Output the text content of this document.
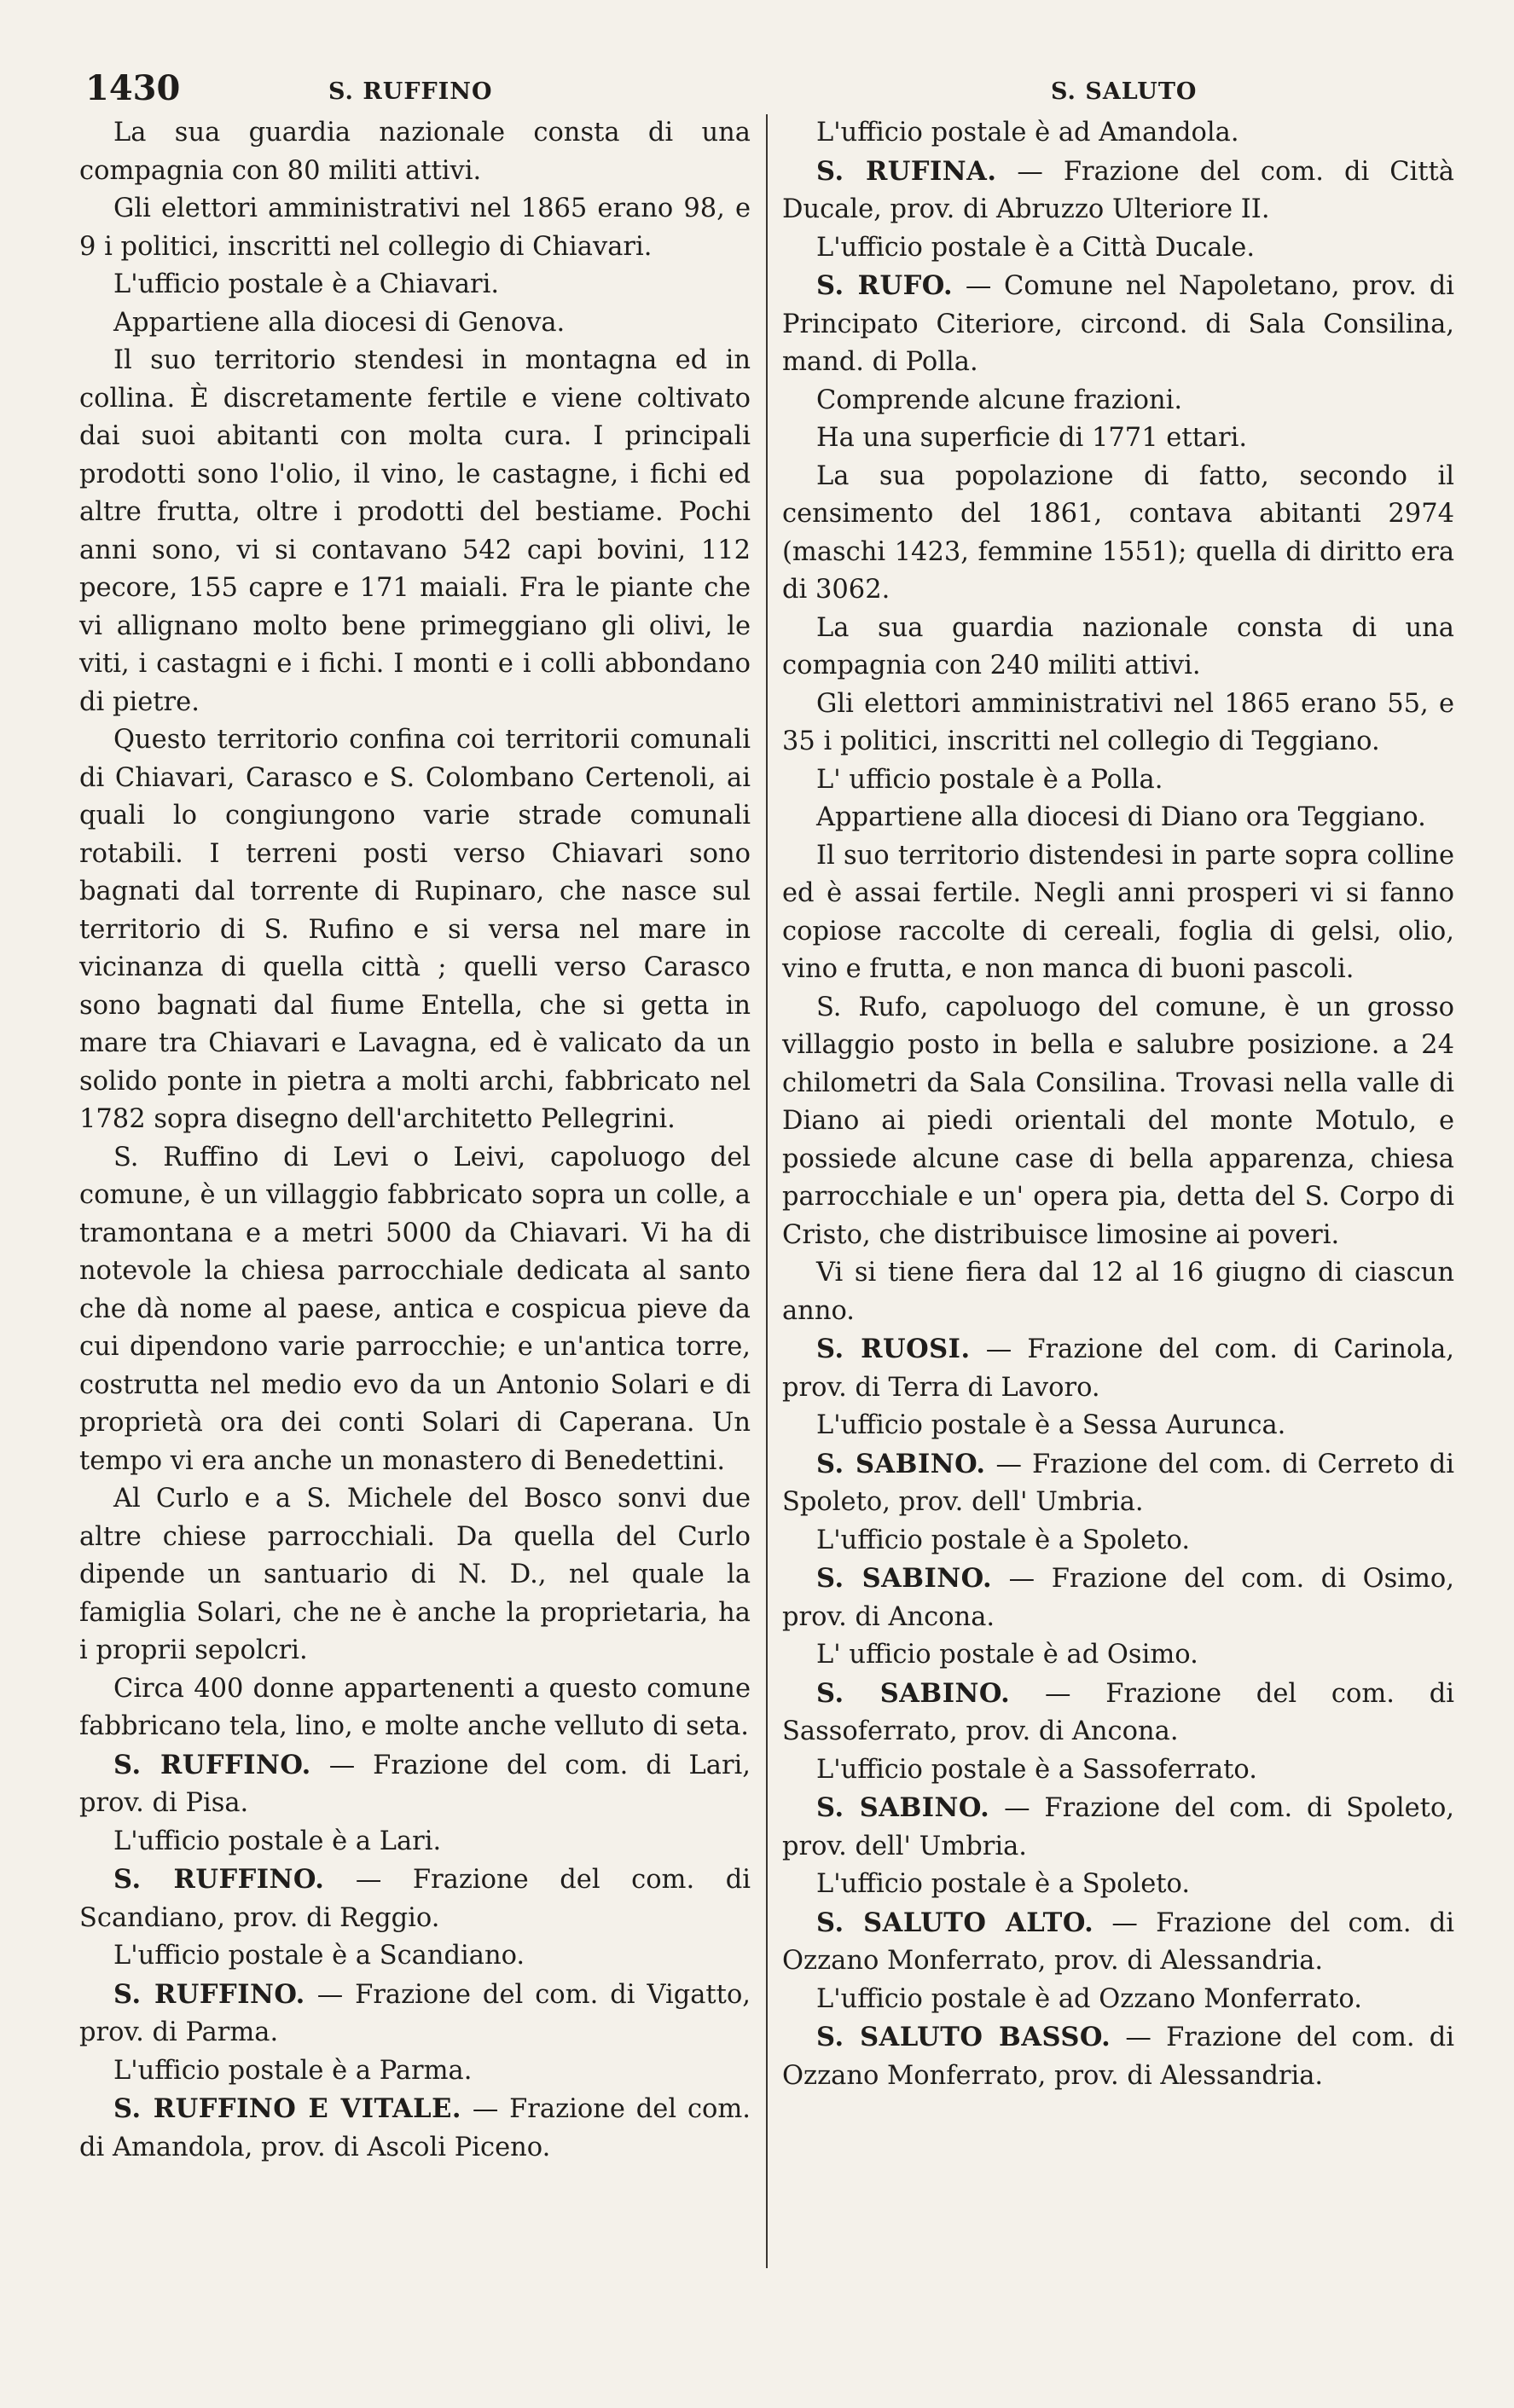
1430	S. RUFFINO	S. SALUTO

La sua guardia nazionale consta di una compagnia con 80 militi attivi.

Gli elettori amministrativi nel 1865 erano 98, e 9 i politici, inscritti nel collegio di Chiavari.

L'ufficio postale è a Chiavari.

Appartiene alla diocesi di Genova.

Il suo territorio stendesi in montagna ed in collina. È discretamente fertile e viene coltivato dai suoi abitanti con molta cura. I principali prodotti sono l'olio, il vino, le castagne, i fichi ed altre frutta, oltre i prodotti del bestiame. Pochi anni sono, vi si contavano 542 capi bovini, 112 pecore, 155 capre e 171 maiali. Fra le piante che vi allignano molto bene primeggiano gli olivi, le viti, i castagni e i fichi. I monti e i colli abbondano di pietre.

Questo territorio confina coi territorii comunali di Chiavari, Carasco e S. Colombano Certenoli, ai quali lo congiungono varie strade comunali rotabili. I terreni posti verso Chiavari sono bagnati dal torrente di Rupinaro, che nasce sul territorio di S. Rufino e si versa nel mare in vicinanza di quella città ; quelli verso Carasco sono bagnati dal fiume Entella, che si getta in mare tra Chiavari e Lavagna, ed è valicato da un solido ponte in pietra a molti archi, fabbricato nel 1782 sopra disegno dell'architetto Pellegrini.

S. Ruffino di Levi o Leivi, capoluogo del comune, è un villaggio fabbricato sopra un colle, a tramontana e a metri 5000 da Chiavari. Vi ha di notevole la chiesa parrocchiale dedicata al santo che dà nome al paese, antica e cospicua pieve da cui dipendono varie parrocchie; e un'antica torre, costrutta nel medio evo da un Antonio Solari e di proprietà ora dei conti Solari di Caperana. Un tempo vi era anche un monastero di Benedettini.

Al Curlo e a S. Michele del Bosco sonvi due altre chiese parrocchiali. Da quella del Curlo dipende un santuario di N. D., nel quale la famiglia Solari, che ne è anche la proprietaria, ha i proprii sepolcri.

Circa 400 donne appartenenti a questo comune fabbricano tela, lino, e molte anche velluto di seta.

S. RUFFINO. — Frazione del com. di Lari, prov. di Pisa.

L'ufficio postale è a Lari.

S. RUFFINO. — Frazione del com. di Scandiano, prov. di Reggio.

L'ufficio postale è a Scandiano.

S. RUFFINO. — Frazione del com. di Vigatto, prov. di Parma.

L'ufficio postale è a Parma.

S. RUFFINO E VITALE. — Frazione del com. di Amandola, prov. di Ascoli Piceno.

L'ufficio postale è ad Amandola.

S. RUFINA. — Frazione del com. di Città Ducale, prov. di Abruzzo Ulteriore II.

L'ufficio postale è a Città Ducale.

S. RUFO. — Comune nel Napoletano, prov. di Principato Citeriore, circond. di Sala Consilina, mand. di Polla.

Comprende alcune frazioni.

Ha una superficie di 1771 ettari.

La sua popolazione di fatto, secondo il censimento del 1861, contava abitanti 2974 (maschi 1423, femmine 1551); quella di diritto era di 3062.

La sua guardia nazionale consta di una compagnia con 240 militi attivi.

Gli elettori amministrativi nel 1865 erano 55, e 35 i politici, inscritti nel collegio di Teggiano.

L' ufficio postale è a Polla.

Appartiene alla diocesi di Diano ora Teggiano.

Il suo territorio distendesi in parte sopra colline ed è assai fertile. Negli anni prosperi vi si fanno copiose raccolte di cereali, foglia di gelsi, olio, vino e frutta, e non manca di buoni pascoli.

S. Rufo, capoluogo del comune, è un grosso villaggio posto in bella e salubre posizione. a 24 chilometri da Sala Consilina. Trovasi nella valle di Diano ai piedi orientali del monte Motulo, e possiede alcune case di bella apparenza, chiesa parrocchiale e un' opera pia, detta del S. Corpo di Cristo, che distribuisce limosine ai poveri.

Vi si tiene fiera dal 12 al 16 giugno di ciascun anno.

S. RUOSI. — Frazione del com. di Carinola, prov. di Terra di Lavoro.

L'ufficio postale è a Sessa Aurunca.

S. SABINO. — Frazione del com. di Cerreto di Spoleto, prov. dell' Umbria.

L'ufficio postale è a Spoleto.

S. SABINO. — Frazione del com. di Osimo, prov. di Ancona.

L' ufficio postale è ad Osimo.

S. SABINO. — Frazione del com. di Sassoferrato, prov. di Ancona.

L'ufficio postale è a Sassoferrato.

S. SABINO. — Frazione del com. di Spoleto, prov. dell' Umbria.

L'ufficio postale è a Spoleto.

S. SALUTO ALTO. — Frazione del com. di Ozzano Monferrato, prov. di Alessandria.

L'ufficio postale è ad Ozzano Monferrato.

S. SALUTO BASSO. — Frazione del com. di Ozzano Monferrato, prov. di Alessandria.
